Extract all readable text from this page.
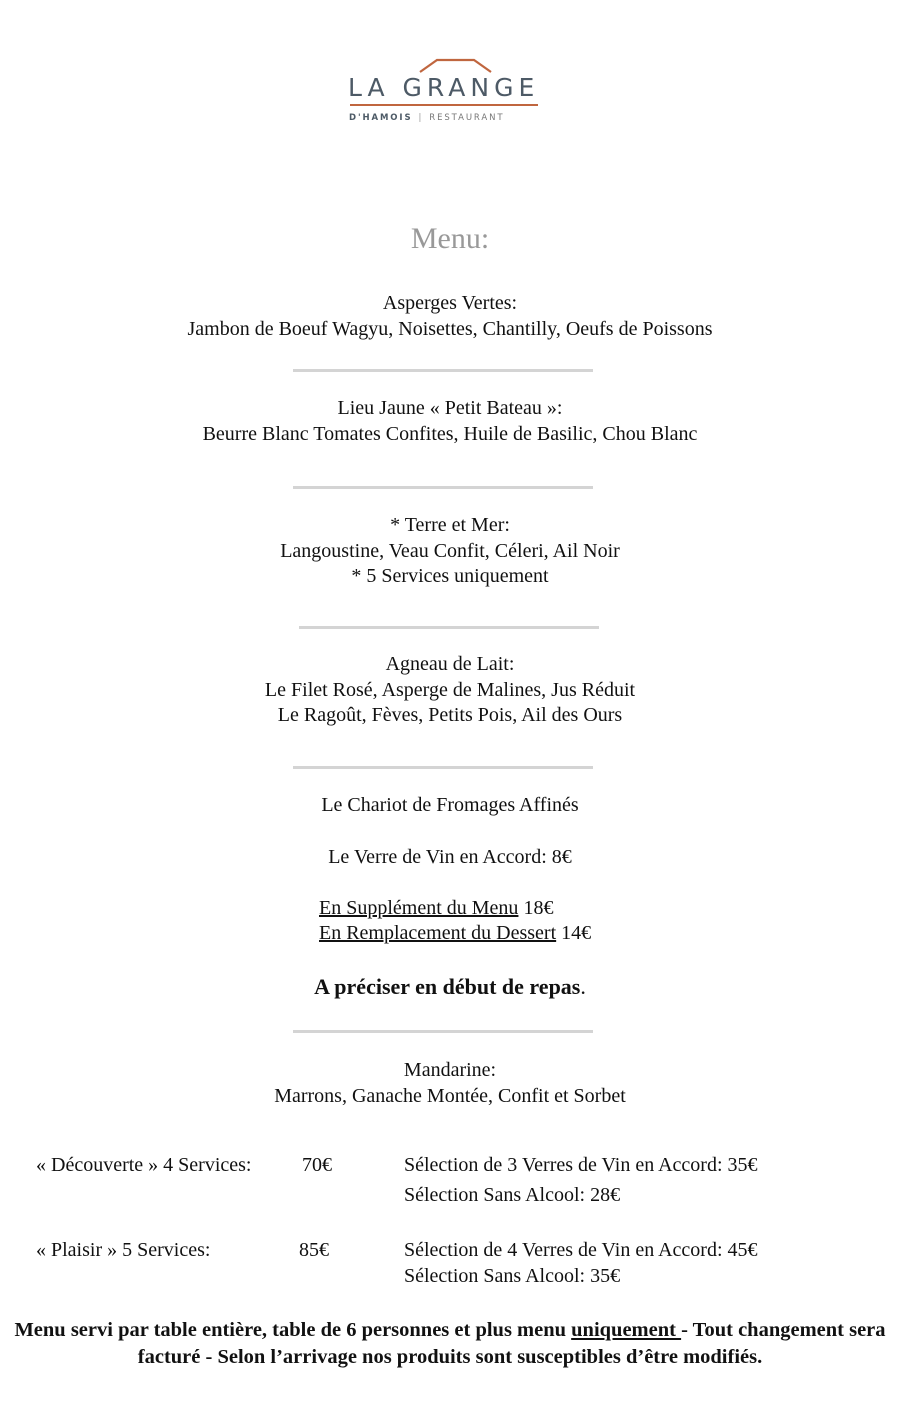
LA GRANGE
D'HAMOIS | RESTAURANT
Menu:
Asperges Vertes:
Jambon de Boeuf Wagyu, Noisettes, Chantilly, Oeufs de Poissons
Lieu Jaune « Petit Bateau »:
Beurre Blanc Tomates Confites, Huile de Basilic, Chou Blanc
* Terre et Mer:
Langoustine, Veau Confit, Céleri, Ail Noir
* 5 Services uniquement
Agneau de Lait:
Le Filet Rosé, Asperge de Malines, Jus Réduit
Le Ragoût, Fèves, Petits Pois, Ail des Ours
Le Chariot de Fromages Affinés
Le Verre de Vin en Accord: 8€
En Supplément du Menu 18€
En Remplacement du Dessert 14€
A préciser en début de repas.
Mandarine:
Marrons, Ganache Montée, Confit et Sorbet
« Découverte » 4 Services:	70€	Sélection de 3 Verres de Vin en Accord: 35€
Sélection Sans Alcool: 28€
« Plaisir » 5 Services:	85€	Sélection de 4 Verres de Vin en Accord: 45€
Sélection Sans Alcool: 35€
Menu servi par table entière, table de 6 personnes et plus menu uniquement - Tout changement sera facturé - Selon l’arrivage nos produits sont susceptibles d’être modifiés.
